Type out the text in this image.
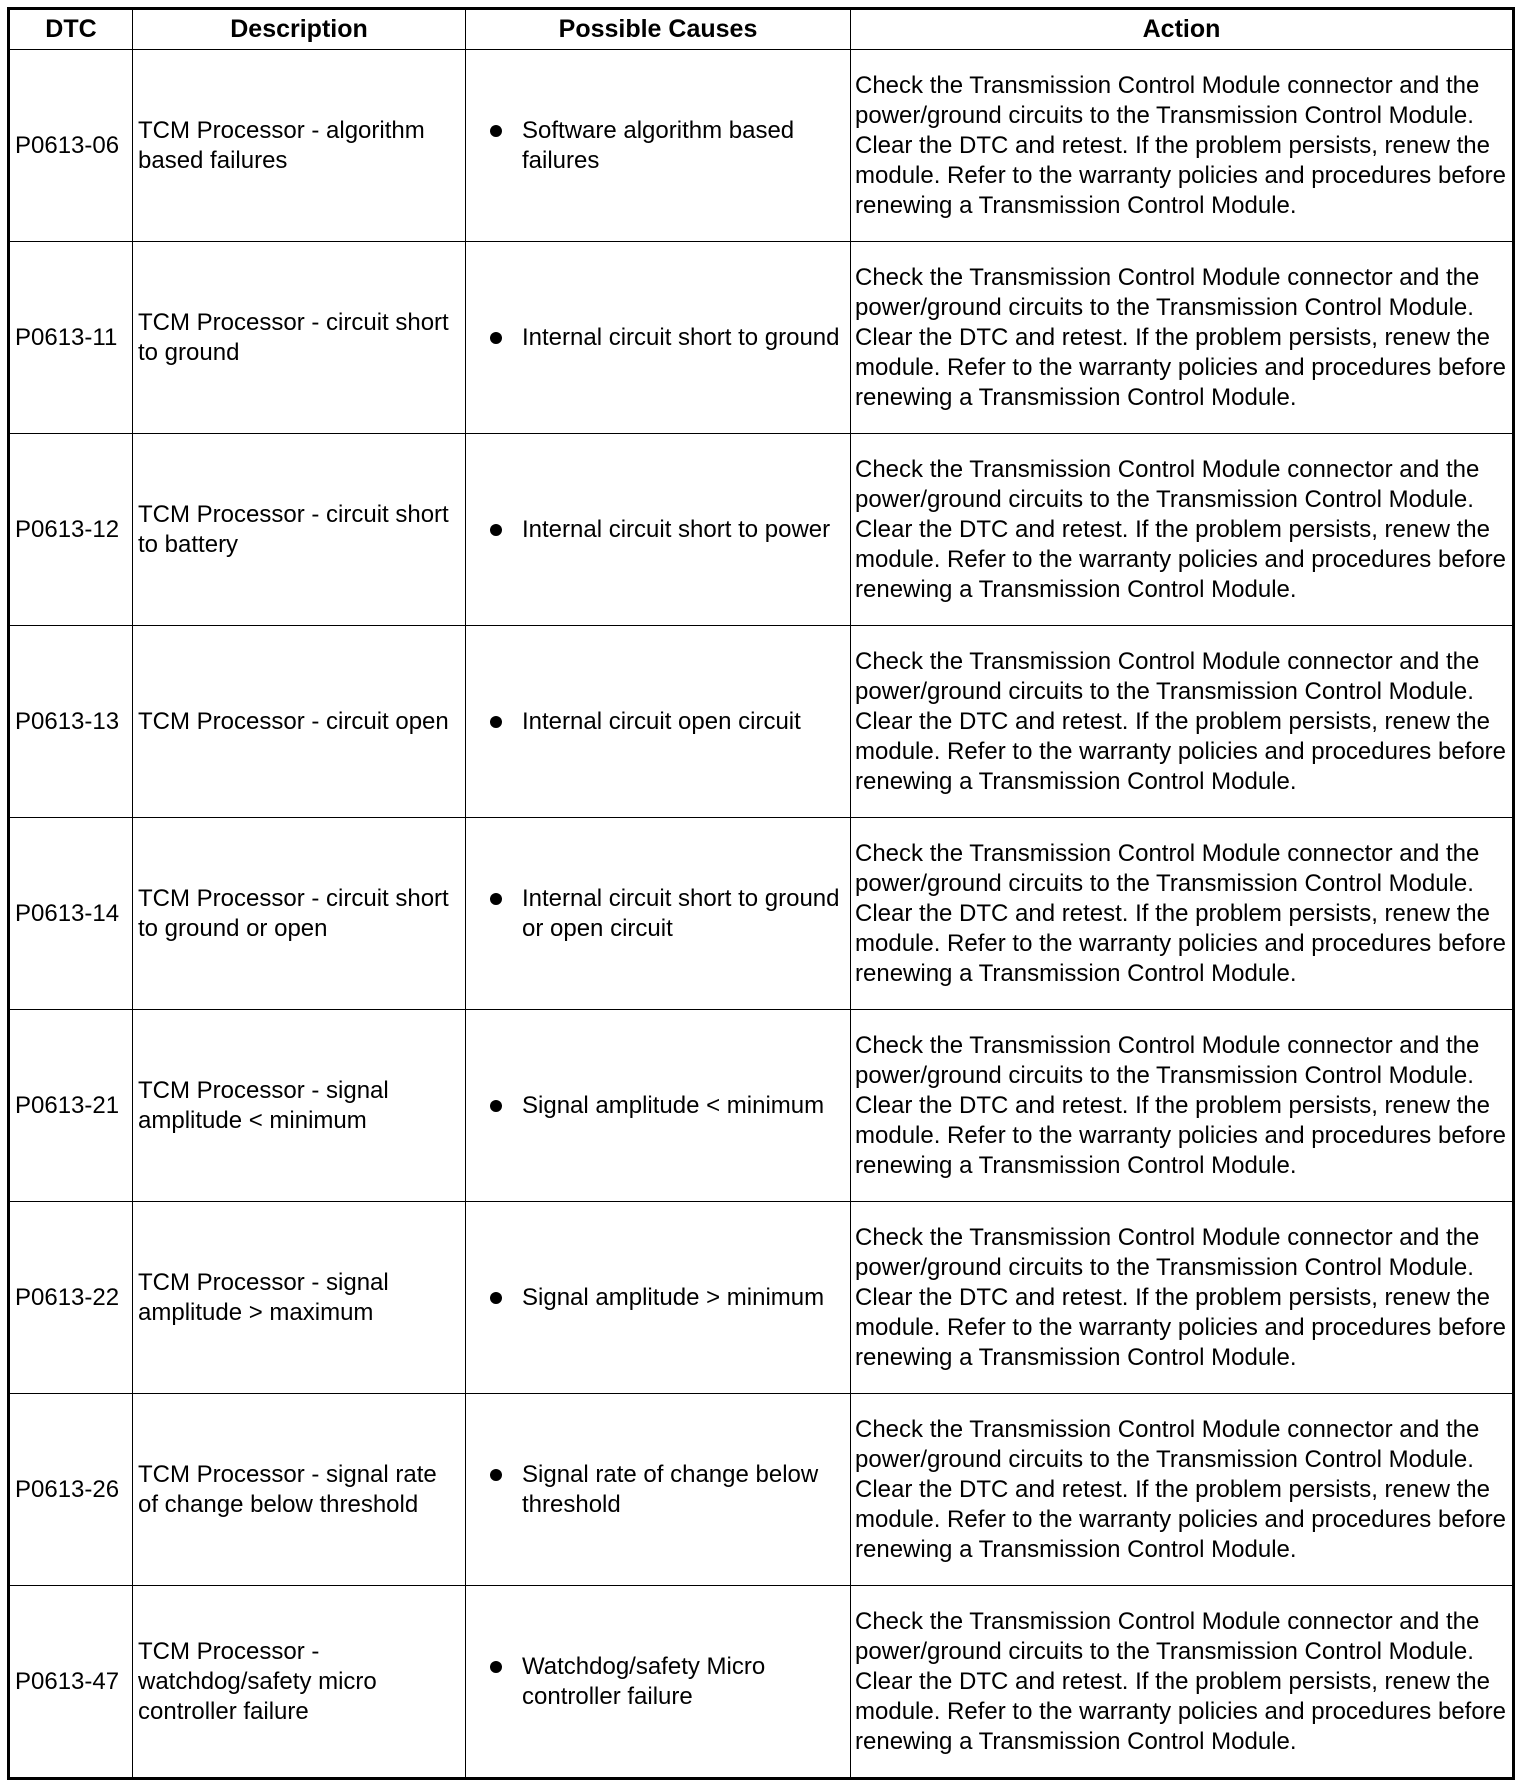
DTC	Description	Possible Causes	Action
P0613-06	TCM Processor - algorithm based failures	Software algorithm based failures	Check the Transmission Control Module connector and the power/ground circuits to the Transmission Control Module. Clear the DTC and retest. If the problem persists, renew the module. Refer to the warranty policies and procedures before renewing a Transmission Control Module.
P0613-11	TCM Processor - circuit short to ground	Internal circuit short to ground	Check the Transmission Control Module connector and the power/ground circuits to the Transmission Control Module. Clear the DTC and retest. If the problem persists, renew the module. Refer to the warranty policies and procedures before renewing a Transmission Control Module.
P0613-12	TCM Processor - circuit short to battery	Internal circuit short to power	Check the Transmission Control Module connector and the power/ground circuits to the Transmission Control Module. Clear the DTC and retest. If the problem persists, renew the module. Refer to the warranty policies and procedures before renewing a Transmission Control Module.
P0613-13	TCM Processor - circuit open	Internal circuit open circuit	Check the Transmission Control Module connector and the power/ground circuits to the Transmission Control Module. Clear the DTC and retest. If the problem persists, renew the module. Refer to the warranty policies and procedures before renewing a Transmission Control Module.
P0613-14	TCM Processor - circuit short to ground or open	Internal circuit short to ground or open circuit	Check the Transmission Control Module connector and the power/ground circuits to the Transmission Control Module. Clear the DTC and retest. If the problem persists, renew the module. Refer to the warranty policies and procedures before renewing a Transmission Control Module.
P0613-21	TCM Processor - signal amplitude < minimum	Signal amplitude < minimum	Check the Transmission Control Module connector and the power/ground circuits to the Transmission Control Module. Clear the DTC and retest. If the problem persists, renew the module. Refer to the warranty policies and procedures before renewing a Transmission Control Module.
P0613-22	TCM Processor - signal amplitude > maximum	Signal amplitude > minimum	Check the Transmission Control Module connector and the power/ground circuits to the Transmission Control Module. Clear the DTC and retest. If the problem persists, renew the module. Refer to the warranty policies and procedures before renewing a Transmission Control Module.
P0613-26	TCM Processor - signal rate of change below threshold	Signal rate of change below threshold	Check the Transmission Control Module connector and the power/ground circuits to the Transmission Control Module. Clear the DTC and retest. If the problem persists, renew the module. Refer to the warranty policies and procedures before renewing a Transmission Control Module.
P0613-47	TCM Processor - watchdog/safety micro controller failure	Watchdog/safety Micro controller failure	Check the Transmission Control Module connector and the power/ground circuits to the Transmission Control Module. Clear the DTC and retest. If the problem persists, renew the module. Refer to the warranty policies and procedures before renewing a Transmission Control Module.
